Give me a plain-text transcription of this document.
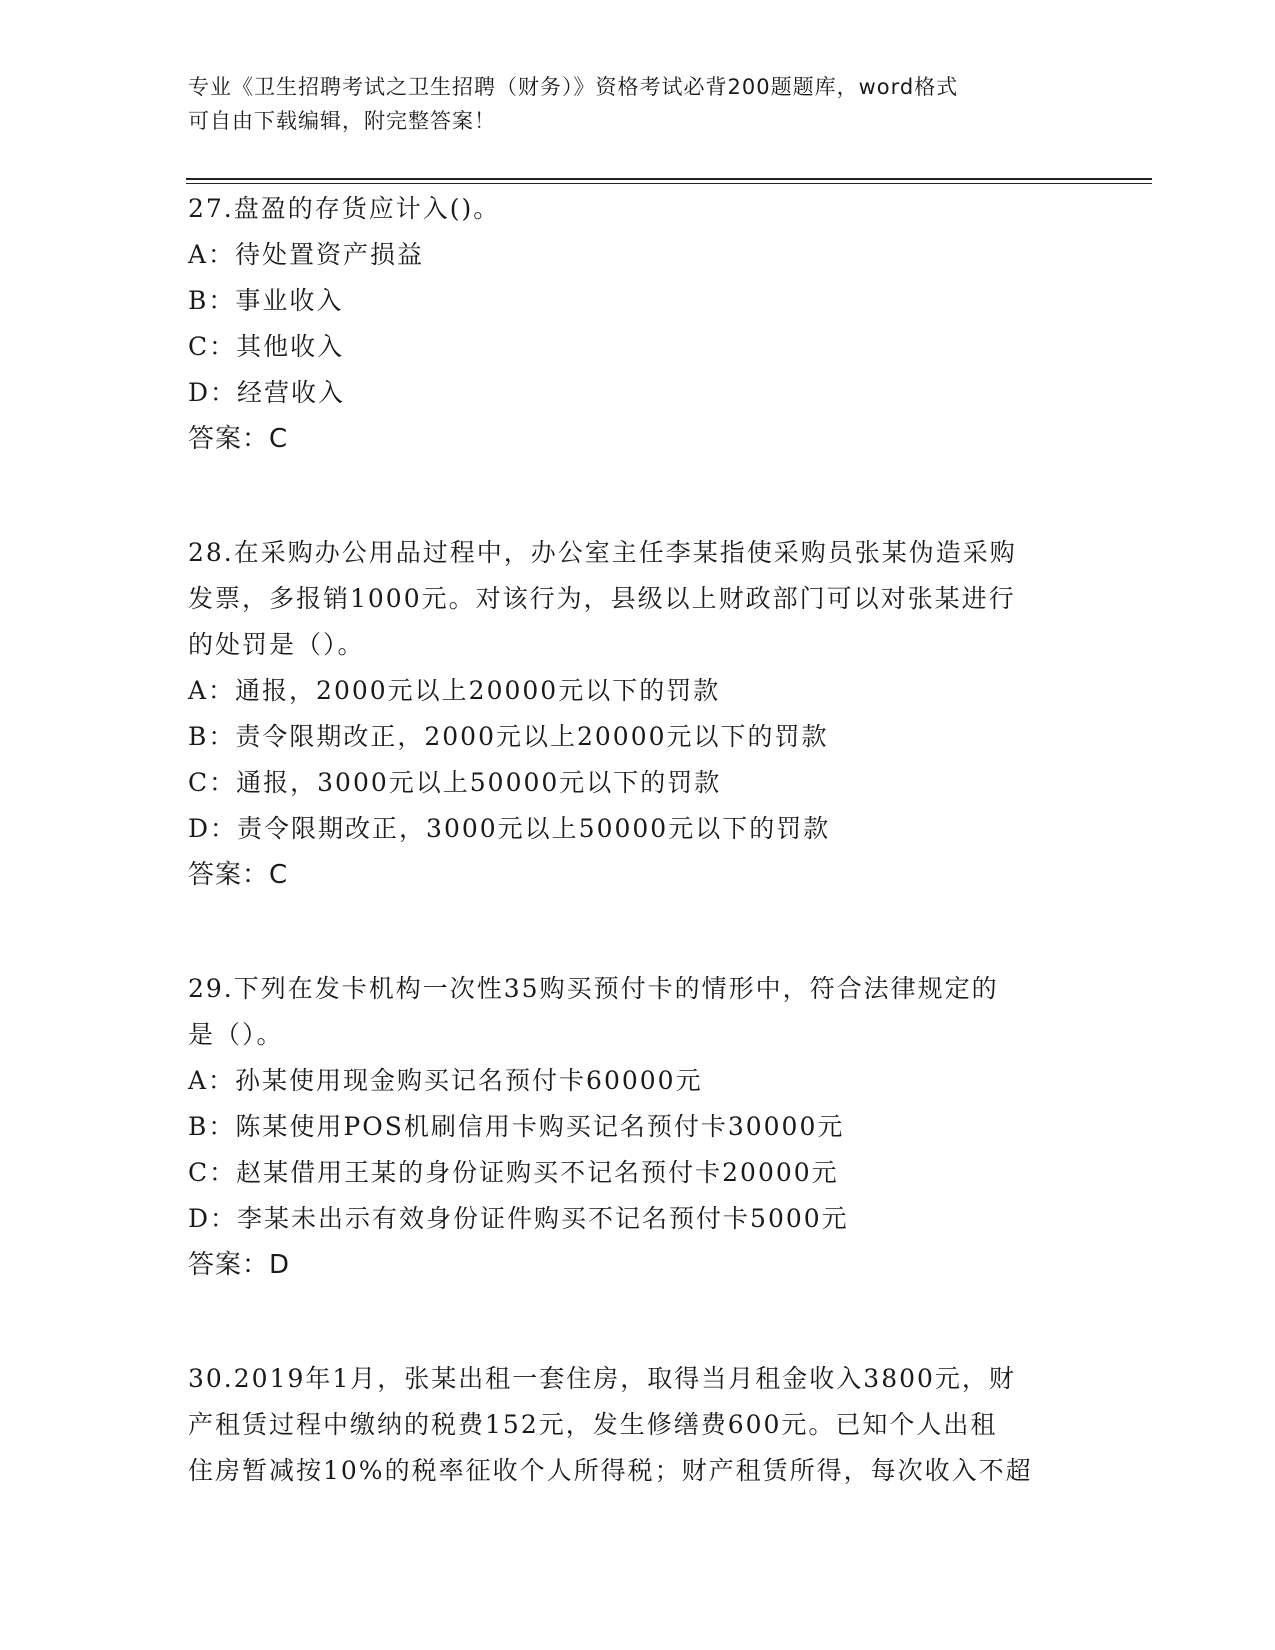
专业《卫生招聘考试之卫生招聘（财务）》资格考试必背200题题库，word格式
可自由下载编辑，附完整答案！
27.盘盈的存货应计入()。
A：待处置资产损益
B：事业收入
C：其他收入
D：经营收入
答案：C
28.在采购办公用品过程中，办公室主任李某指使采购员张某伪造采购
发票，多报销1000元。对该行为，县级以上财政部门可以对张某进行
的处罚是（）。
A：通报，2000元以上20000元以下的罚款
B：责令限期改正，2000元以上20000元以下的罚款
C：通报，3000元以上50000元以下的罚款
D：责令限期改正，3000元以上50000元以下的罚款
答案：C
29.下列在发卡机构一次性35购买预付卡的情形中，符合法律规定的
是（）。
A：孙某使用现金购买记名预付卡60000元
B：陈某使用POS机刷信用卡购买记名预付卡30000元
C：赵某借用王某的身份证购买不记名预付卡20000元
D：李某未出示有效身份证件购买不记名预付卡5000元
答案：D
30.2019年1月，张某出租一套住房，取得当月租金收入3800元，财
产租赁过程中缴纳的税费152元，发生修缮费600元。已知个人出租
住房暂减按10%的税率征收个人所得税；财产租赁所得，每次收入不超
